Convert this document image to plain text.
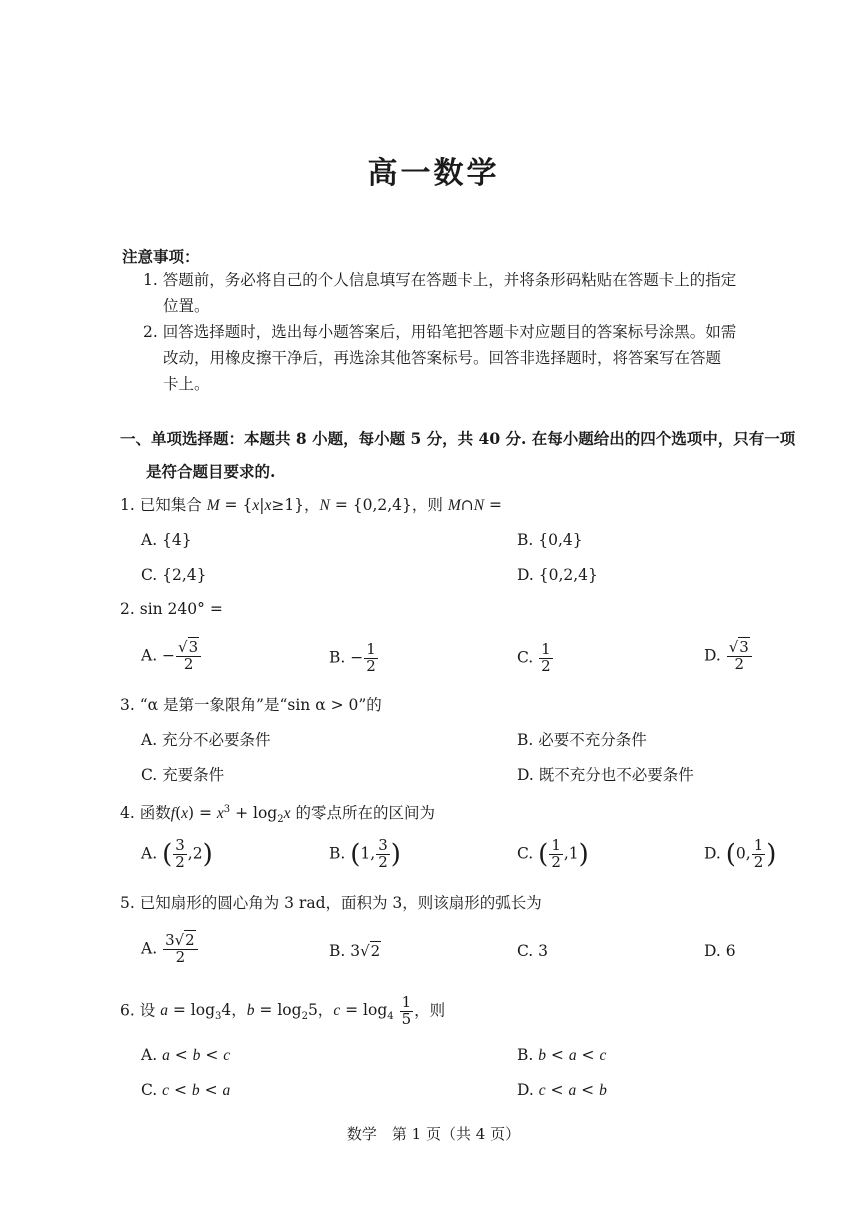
高一数学
注意事项：
1. 答题前，务必将自己的个人信息填写在答题卡上，并将条形码粘贴在答题卡上的指定
位置。
2. 回答选择题时，选出每小题答案后，用铅笔把答题卡对应题目的答案标号涂黑。如需
改动，用橡皮擦干净后，再选涂其他答案标号。回答非选择题时，将答案写在答题
卡上。
一、单项选择题：本题共 8 小题，每小题 5 分，共 40 分. 在每小题给出的四个选项中，只有一项
是符合题目要求的.
1. 已知集合 M = {x|x≥1}，N = {0,2,4}，则 M∩N =
A. {4}	B. {0,4}
C. {2,4}	D. {0,2,4}
2. sin 240° =
A. − $\frac{√3}{2}$	B. − $\frac{1}{2}$	C. $\frac{1}{2}$	D. $\frac{√3}{2}$
3. “α 是第一象限角”是“sin α > 0”的
A. 充分不必要条件	B. 必要不充分条件
C. 充要条件	D. 既不充分也不必要条件
4. 函数$f(x) = x^3 + \log_2x$ 的零点所在的区间为
A. ( $\frac{3}{2} ,2$)	B. (1, $\frac{3}{2}$ )	C. ( $\frac{1}{2} ,1$)	D. (0, $\frac{1}{2}$ )
5. 已知扇形的圆心角为 3 rad，面积为 3，则该扇形的弧长为
A. $\frac{3√2}{2}$	B. 3√2	C. 3	D. 6
6. 设 $a = \log_34$，$b = \log_25$，$c = \log_4 \frac{1}{5}$ ，则
A. a < b < c	B. b < a < c
C. c < b < a	D. c < a < b
数学　第 1 页（共 4 页）
